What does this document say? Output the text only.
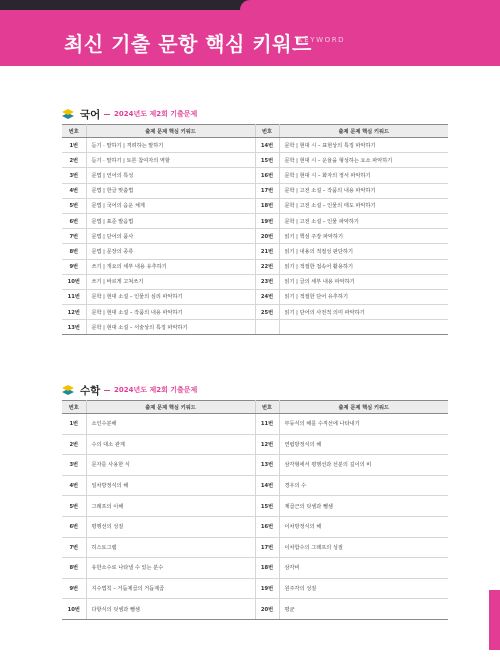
최신 기출 문항 핵심 키워드
KEYWORD
국어 2024년도 제2회 기출문제
번호	출제 문제 핵심 키워드	번호	출제 문제 핵심 키워드
1번	듣기 · 말하기 | 격려하는 말하기	14번	문학 | 현대 시 – 표현상의 특징 파악하기
2번	듣기 · 말하기 | 토론 참여자의 역할	15번	문학 | 현대 시 – 운율을 형성하는 요소 파악하기
3번	문법 | 언어의 특성	16번	문학 | 현대 시 – 화자의 정서 파악하기
4번	문법 | 한글 맞춤법	17번	문학 | 고전 소설 – 작품의 내용 파악하기
5번	문법 | 국어의 음운 체계	18번	문학 | 고전 소설 – 인물의 태도 파악하기
6번	문법 | 표준 발음법	19번	문학 | 고전 소설 – 인물 파악하기
7번	문법 | 단어의 품사	20번	읽기 | 핵심 주장 파악하기
8번	문법 | 문장의 종류	21번	읽기 | 내용의 적절성 판단하기
9번	쓰기 | 개요의 세부 내용 유추하기	22번	읽기 | 적절한 접속어 활용하기
10번	쓰기 | 바르게 고쳐쓰기	23번	읽기 | 글의 세부 내용 파악하기
11번	문학 | 현대 소설 – 인물의 심리 파악하기	24번	읽기 | 적절한 단어 유추하기
12번	문학 | 현대 소설 – 작품의 내용 파악하기	25번	읽기 | 단어의 사전적 의미 파악하기
13번	문학 | 현대 소설 – 서술상의 특징 파악하기		
수학 2024년도 제2회 기출문제
번호	출제 문제 핵심 키워드	번호	출제 문제 핵심 키워드
1번	소인수분해	11번	부등식의 해를 수직선에 나타내기
2번	수의 대소 관계	12번	연립방정식의 해
3번	문자를 사용한 식	13번	삼각형에서 평행선과 선분의 길이의 비
4번	일차방정식의 해	14번	경우의 수
5번	그래프의 이해	15번	제곱근의 덧셈과 뺄셈
6번	평행선의 성질	16번	이차방정식의 해
7번	히스토그램	17번	이차함수의 그래프의 성질
8번	유한소수로 나타낼 수 있는 분수	18번	삼각비
9번	지수법칙 – 거듭제곱의 거듭제곱	19번	원주각의 성질
10번	다항식의 덧셈과 뺄셈	20번	평균
